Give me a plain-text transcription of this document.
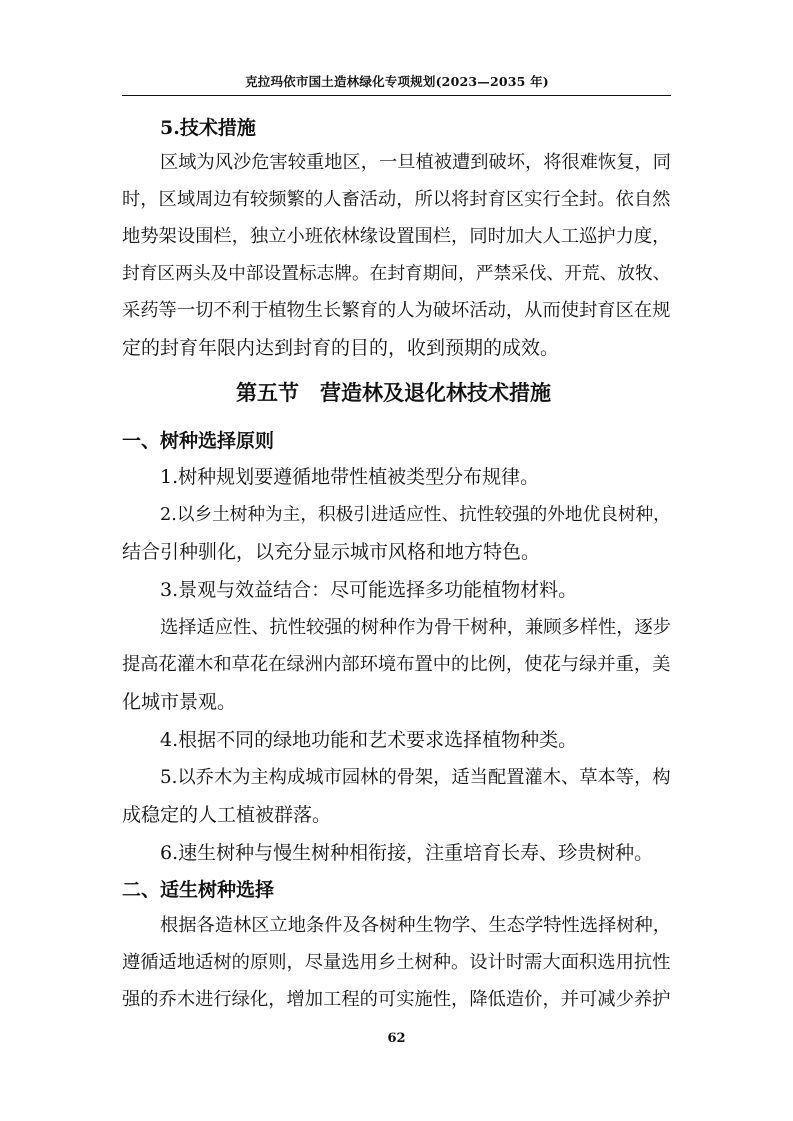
克拉玛依市国土造林绿化专项规划(2023—2035 年)
5.技术措施
区域为风沙危害较重地区，一旦植被遭到破坏，将很难恢复，同
时，区域周边有较频繁的人畜活动，所以将封育区实行全封。依自然
地势架设围栏，独立小班依林缘设置围栏，同时加大人工巡护力度，
封育区两头及中部设置标志牌。在封育期间，严禁采伐、开荒、放牧、
采药等一切不利于植物生长繁育的人为破坏活动，从而使封育区在规
定的封育年限内达到封育的目的，收到预期的成效。
第五节　营造林及退化林技术措施
一、树种选择原则
1.树种规划要遵循地带性植被类型分布规律。
2.以乡土树种为主，积极引进适应性、抗性较强的外地优良树种，
结合引种驯化，以充分显示城市风格和地方特色。
3.景观与效益结合：尽可能选择多功能植物材料。
选择适应性、抗性较强的树种作为骨干树种，兼顾多样性，逐步
提高花灌木和草花在绿洲内部环境布置中的比例，使花与绿并重，美
化城市景观。
4.根据不同的绿地功能和艺术要求选择植物种类。
5.以乔木为主构成城市园林的骨架，适当配置灌木、草本等，构
成稳定的人工植被群落。
6.速生树种与慢生树种相衔接，注重培育长寿、珍贵树种。
二、适生树种选择
根据各造林区立地条件及各树种生物学、生态学特性选择树种，
遵循适地适树的原则，尽量选用乡土树种。设计时需大面积选用抗性
强的乔木进行绿化，增加工程的可实施性，降低造价，并可减少养护
62
